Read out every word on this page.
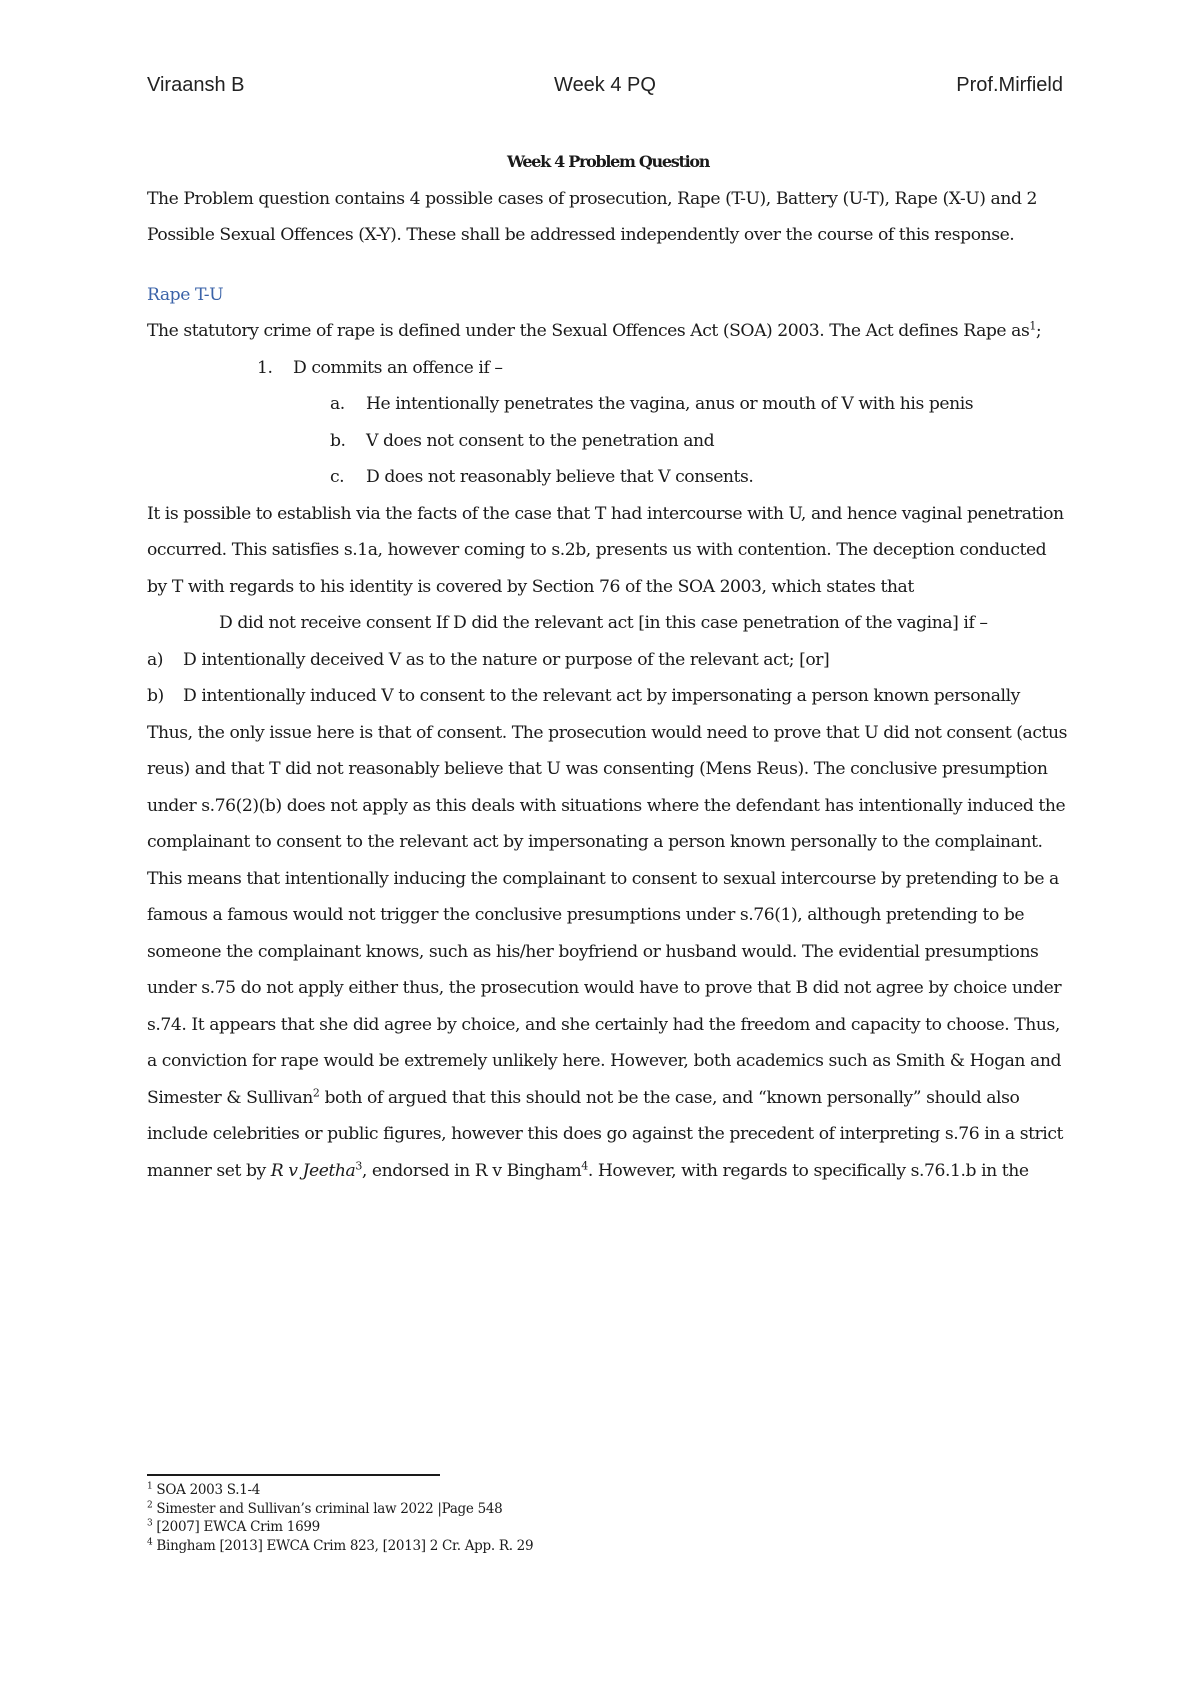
Viraansh B	Week 4 PQ	Prof.Mirfield

Week 4 Problem Question

The Problem question contains 4 possible cases of prosecution, Rape (T-U), Battery (U-T), Rape (X-U) and 2 Possible Sexual Offences (X-Y). These shall be addressed independently over the course of this response.

Rape T-U

The statutory crime of rape is defined under the Sexual Offences Act (SOA) 2003. The Act defines Rape $as^1$;

1. D commits an offence if –

a. He intentionally penetrates the vagina, anus or mouth of V with his penis

b. V does not consent to the penetration and

c. D does not reasonably believe that V consents.

It is possible to establish via the facts of the case that T had intercourse with U, and hence vaginal penetration occurred. This satisfies s.1a, however coming to s.2b, presents us with contention. The deception conducted by T with regards to his identity is covered by Section 76 of the SOA 2003, which states that

D did not receive consent If D did the relevant act [in this case penetration of the vagina] if –

a)	D intentionally deceived V as to the nature or purpose of the relevant act; [or]
b)	D intentionally induced V to consent to the relevant act by impersonating a person known personally

Thus, the only issue here is that of consent. The prosecution would need to prove that U did not consent (actus reus) and that T did not reasonably believe that U was consenting (Mens Reus). The conclusive presumption under s.76(2)(b) does not apply as this deals with situations where the defendant has intentionally induced the complainant to consent to the relevant act by impersonating a person known personally to the complainant. This means that intentionally inducing the complainant to consent to sexual intercourse by pretending to be a famous a famous would not trigger the conclusive presumptions under s.76(1), although pretending to be someone the complainant knows, such as his/her boyfriend or husband would. The evidential presumptions under s.75 do not apply either thus, the prosecution would have to prove that B did not agree by choice under s.74. It appears that she did agree by choice, and she certainly had the freedom and capacity to choose. Thus, a conviction for rape would be extremely unlikely here. However, both academics such as Smith & Hogan and Simester & Sullivan$^2$ both of argued that this should not be the case, and “known personally” should also include celebrities or public figures, however this does go against the precedent of interpreting s.76 in a strict manner set by R v Jeetha$^3$, endorsed in R v Bingham$^4$. However, with regards to specifically s.76.1.b in the

$^1$ SOA 2003 S.1-4
$^2$ Simester and Sullivan’s criminal law 2022 |Page 548
$^3$ [2007] EWCA Crim 1699
$^4$ Bingham [2013] EWCA Crim 823, [2013] 2 Cr. App. R. 29
